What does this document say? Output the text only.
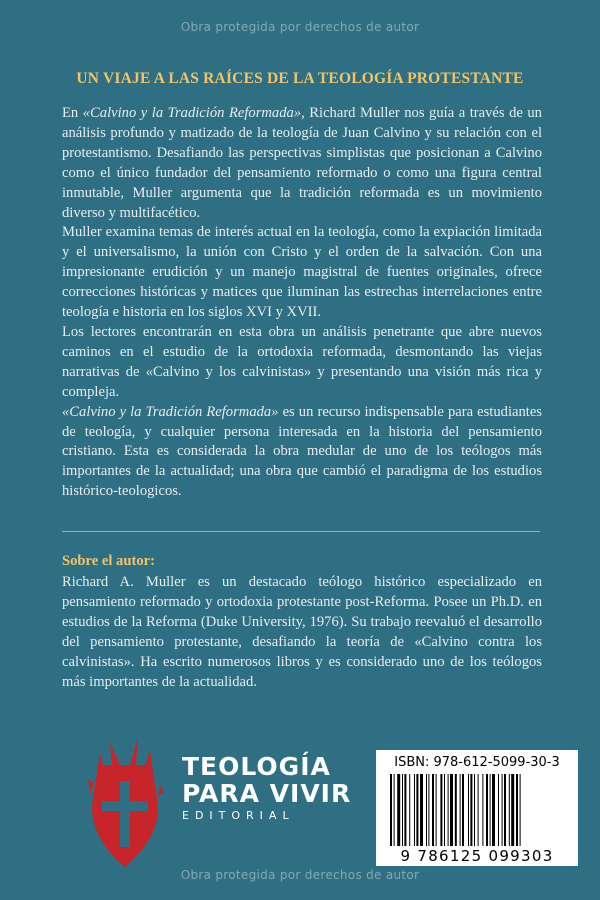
Obra protegida por derechos de autor
UN VIAJE A LAS RAÍCES DE LA TEOLOGÍA PROTESTANTE

En «Calvino y la Tradición Reformada», Richard Muller nos guía a través de un análisis profundo y matizado de la teología de Juan Calvino y su relación con el protestantismo. Desafiando las perspectivas simplistas que posicionan a Calvino como el único fundador del pensamiento reformado o como una figura central inmutable, Muller argumenta que la tradición reformada es un movimiento diverso y multifacético.

Muller examina temas de interés actual en la teología, como la expiación limitada y el universalismo, la unión con Cristo y el orden de la salvación. Con una impresionante erudición y un manejo magistral de fuentes originales, ofrece correcciones históricas y matices que iluminan las estrechas interrelaciones entre teología e historia en los siglos XVI y XVII.

Los lectores encontrarán en esta obra un análisis penetrante que abre nuevos caminos en el estudio de la ortodoxia reformada, desmontando las viejas narrativas de «Calvino y los calvinistas» y presentando una visión más rica y compleja.

«Calvino y la Tradición Reformada» es un recurso indispensable para estudiantes de teología, y cualquier persona interesada en la historia del pensamiento cristiano. Esta es considerada la obra medular de uno de los teólogos más importantes de la actualidad; una obra que cambió el paradigma de los estudios histórico-teologicos.

Sobre el autor:

Richard A. Muller es un destacado teólogo histórico especializado en pensamiento reformado y ortodoxia protestante post-Reforma. Posee un Ph.D. en estudios de la Reforma (Duke University, 1976). Su trabajo reevaluó el desarrollo del pensamiento protestante, desafiando la teoría de «Calvino contra los calvinistas». Ha escrito numerosos libros y es considerado uno de los teólogos más importantes de la actualidad.

TEOLOGÍA
PARA VIVIR
EDITORIAL
ISBN: 978-612-5099-30-3
9 786125 099303
Obra protegida por derechos de autor
